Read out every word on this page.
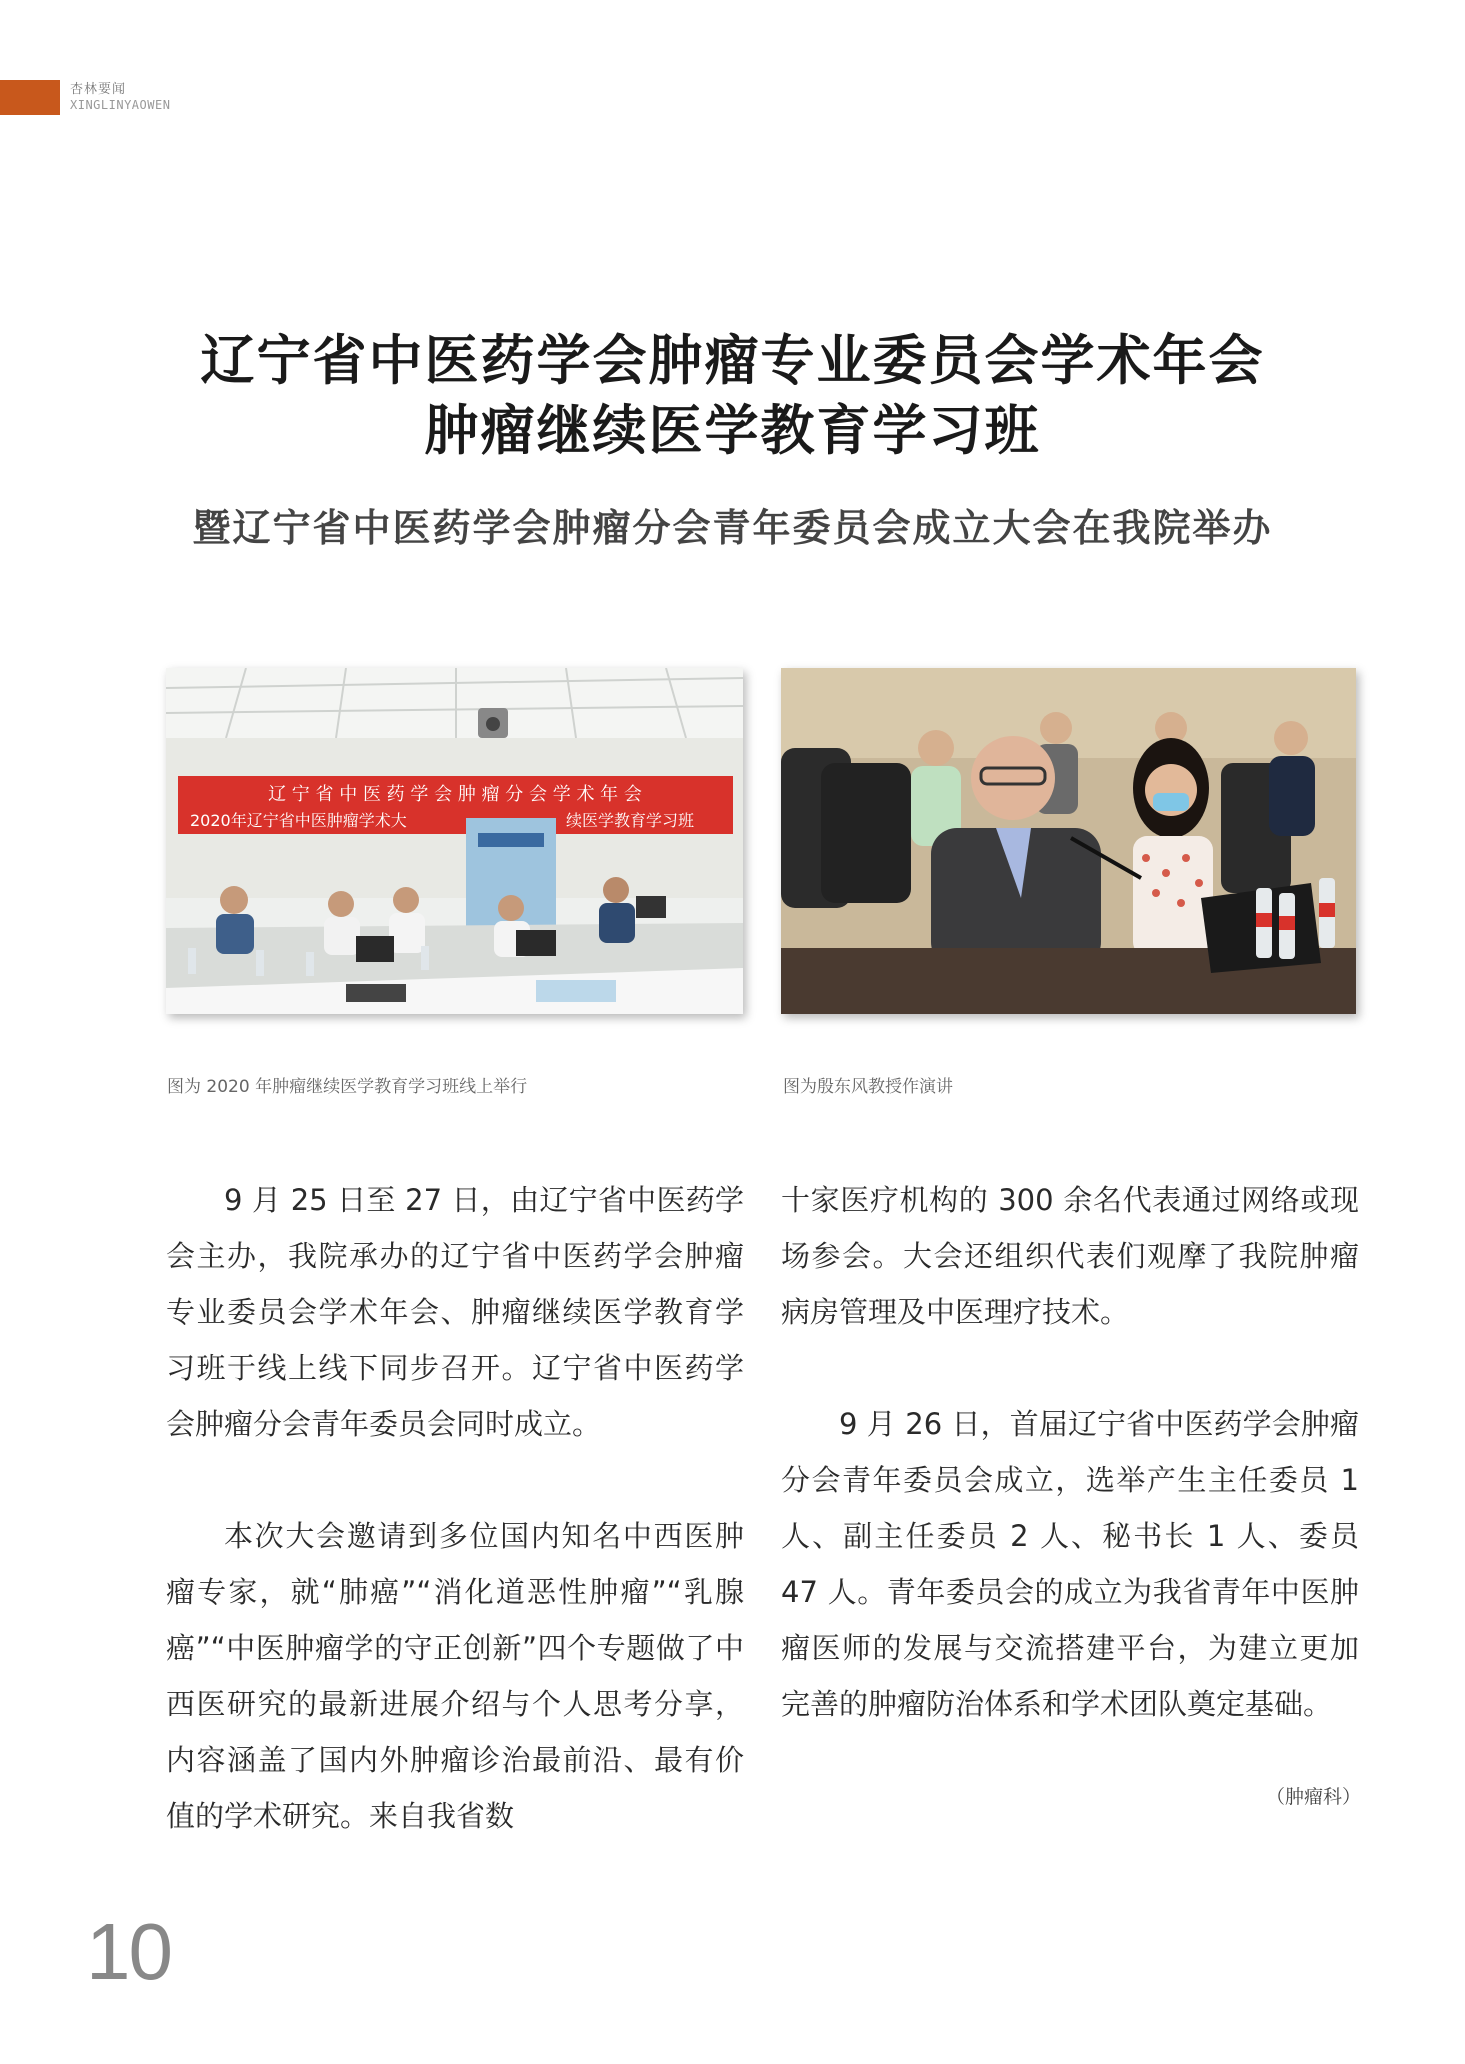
杏林要闻
XINGLINYAOWEN
辽宁省中医药学会肿瘤专业委员会学术年会
肿瘤继续医学教育学习班
暨辽宁省中医药学会肿瘤分会青年委员会成立大会在我院举办
辽 宁 省 中 医 药 学 会 肿 瘤 分 会 学 术 年 会
2020年辽宁省中医肿瘤学术大	续医学教育学习班
图为 2020 年肿瘤继续医学教育学习班线上举行	图为殷东风教授作演讲

9 月 25 日至 27 日，由辽宁省中医药学会主办，我院承办的辽宁省中医药学会肿瘤专业委员会学术年会、肿瘤继续医学教育学习班于线上线下同步召开。辽宁省中医药学会肿瘤分会青年委员会同时成立。

本次大会邀请到多位国内知名中西医肿瘤专家，就“肺癌”“消化道恶性肿瘤”“乳腺癌”“中医肿瘤学的守正创新”四个专题做了中西医研究的最新进展介绍与个人思考分享，内容涵盖了国内外肿瘤诊治最前沿、最有价值的学术研究。来自我省数

十家医疗机构的 300 余名代表通过网络或现场参会。大会还组织代表们观摩了我院肿瘤病房管理及中医理疗技术。

9 月 26 日，首届辽宁省中医药学会肿瘤分会青年委员会成立，选举产生主任委员 1 人、副主任委员 2 人、秘书长 1 人、委员 47 人。青年委员会的成立为我省青年中医肿瘤医师的发展与交流搭建平台，为建立更加完善的肿瘤防治体系和学术团队奠定基础。

（肿瘤科）
10
